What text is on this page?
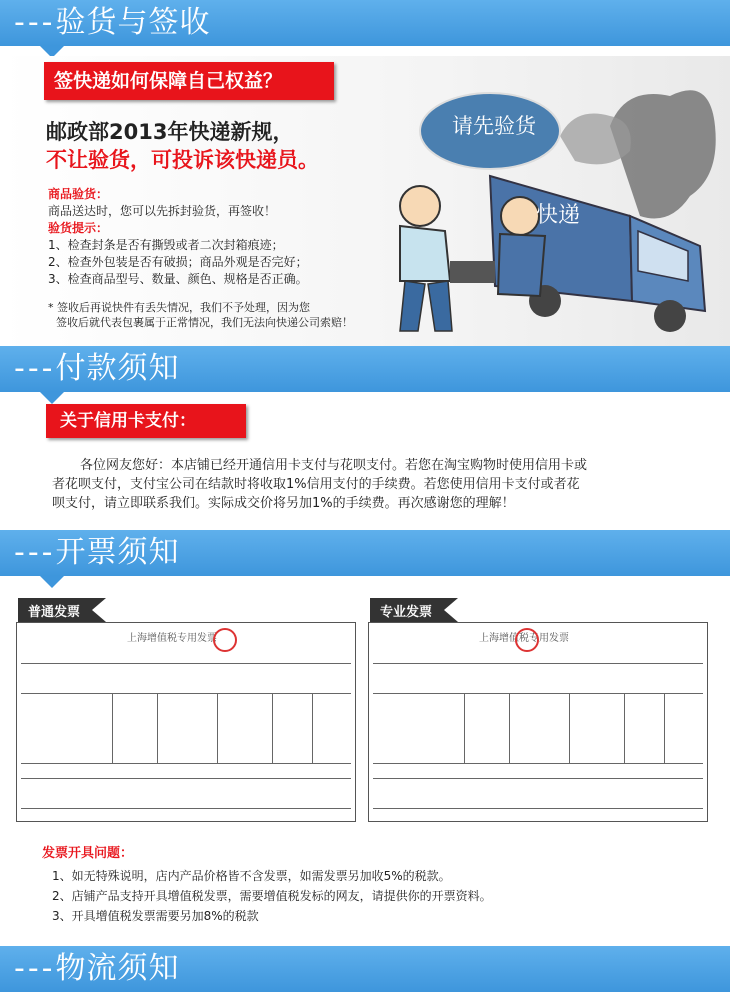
---验货与签收
签快递如何保障自己权益？
邮政部2013年快递新规，
不让验货，可投诉该快递员。
商品验货：
商品送达时，您可以先拆封验货，再签收！
验货提示：
1、检查封条是否有撕毁或者二次封箱痕迹；
2、检查外包装是否有破损；商品外观是否完好；
3、检查商品型号、数量、颜色、规格是否正确。
* 签收后再说快件有丢失情况，我们不予处理，因为您
签收后就代表包裹属于正常情况，我们无法向快递公司索赔！
请先验货
快递
---付款须知
关于信用卡支付：
各位网友您好：本店铺已经开通信用卡支付与花呗支付。若您在淘宝购物时使用信用卡或
者花呗支付，支付宝公司在结款时将收取1%信用支付的手续费。若您使用信用卡支付或者花
呗支付，请立即联系我们。实际成交价将另加1%的手续费。再次感谢您的理解！
---开票须知
普通发票
上海增值税专用发票
专业发票
上海增值税专用发票
发票开具问题：
1、如无特殊说明，店内产品价格皆不含发票，如需发票另加收5%的税款。
2、店铺产品支持开具增值税发票，需要增值税发标的网友，请提供你的开票资料。
3、开具增值税发票需要另加8%的税款
---物流须知
